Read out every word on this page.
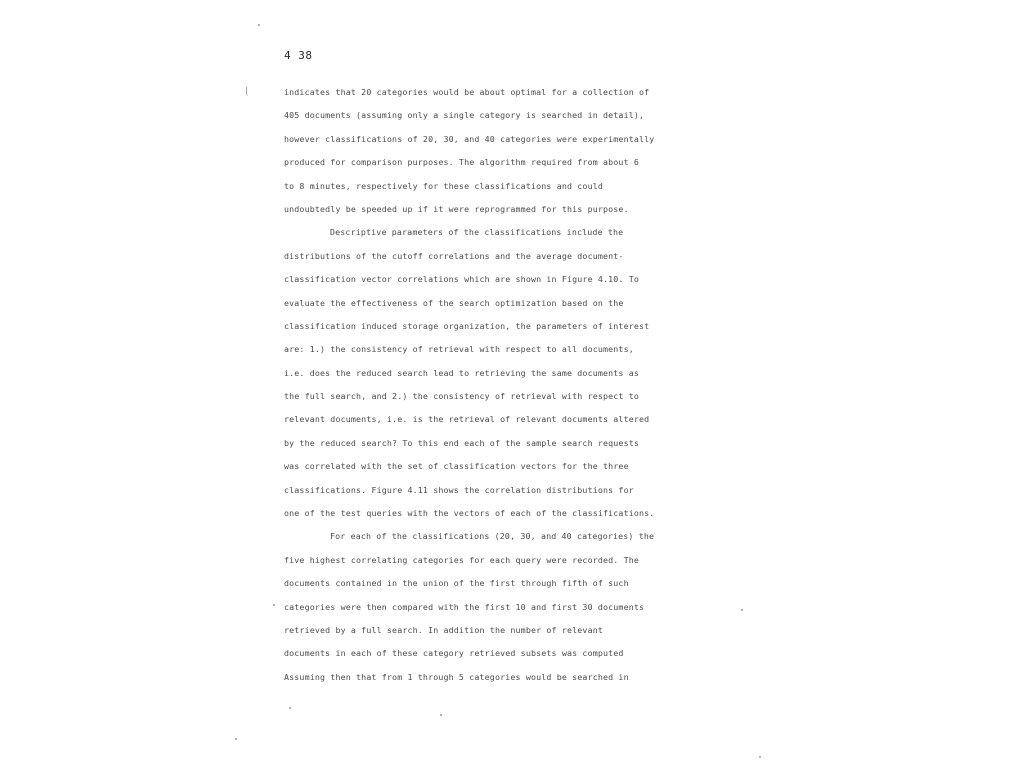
4 38
indicates that 20 categories would be about optimal for a collection of
405 documents (assuming only a single category is searched in detail),
however classifications of 20, 30, and 40 categories were experimentally
produced for comparison purposes. The algorithm required from about 6
to 8 minutes, respectively for these classifications and could
undoubtedly be speeded up if it were reprogrammed for this purpose.
Descriptive parameters of the classifications include the
distributions of the cutoff correlations and the average document-
classification vector correlations which are shown in Figure 4.10. To
evaluate the effectiveness of the search optimization based on the
classification induced storage organization, the parameters of interest
are: 1.) the consistency of retrieval with respect to all documents,
i.e. does the reduced search lead to retrieving the same documents as
the full search, and 2.) the consistency of retrieval with respect to
relevant documents, i.e. is the retrieval of relevant documents altered
by the reduced search? To this end each of the sample search requests
was correlated with the set of classification vectors for the three
classifications. Figure 4.11 shows the correlation distributions for
one of the test queries with the vectors of each of the classifications.
For each of the classifications (20, 30, and 40 categories) the
five highest correlating categories for each query were recorded. The
documents contained in the union of the first through fifth of such
categories were then compared with the first 10 and first 30 documents
retrieved by a full search. In addition the number of relevant
documents in each of these category retrieved subsets was computed
Assuming then that from 1 through 5 categories would be searched in
